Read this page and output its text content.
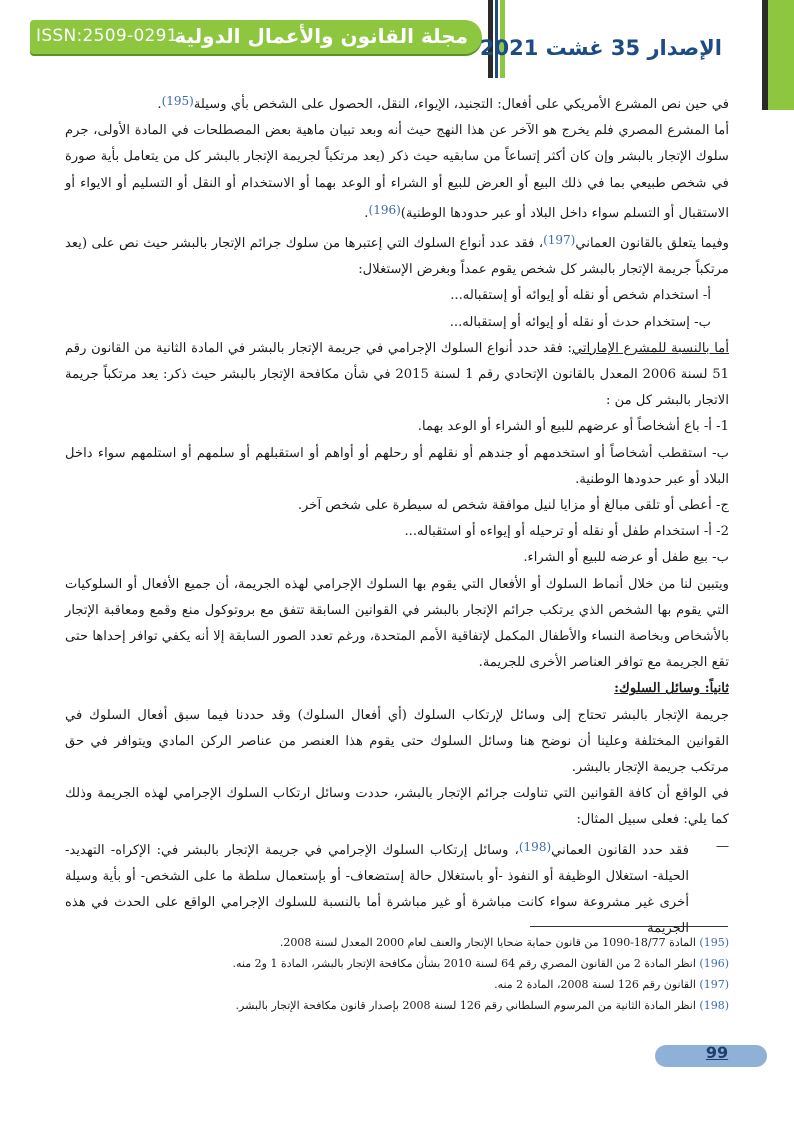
ISSN:2509-0291
مجلة القانون والأعمال الدولية الإصدار 35 غشت 2021

في حين نص المشرع الأمريكي على أفعال: التجنيد، الإيواء، النقل، الحصول على الشخص بأي وسيلة(195).

أما المشرع المصري فلم يخرج هو الآخر عن هذا النهج حيث أنه وبعد تبيان ماهية بعض المصطلحات في المادة الأولى، جرم سلوك الإتجار بالبشر وإن كان أكثر إتساعاً من سابقيه حيث ذكر (يعد مرتكباً لجريمة الإتجار بالبشر كل من يتعامل بأية صورة في شخص طبيعي بما في ذلك البيع أو العرض للبيع أو الشراء أو الوعد بهما أو الاستخدام أو النقل أو التسليم أو الايواء أو الاستقبال أو التسلم سواء داخل البلاد أو عبر حدودها الوطنية)(196).

وفيما يتعلق بالقانون العماني(197)، فقد عدد أنواع السلوك التي إعتبرها من سلوك جرائم الإتجار بالبشر حيث نص على (يعد مرتكباً جريمة الإتجار بالبشر كل شخص يقوم عمداً وبغرض الإستغلال:

أ- استخدام شخص أو نقله أو إيوائه أو إستقباله...

ب- إستخدام حدث أو نقله أو إيوائه أو إستقباله...

أما بالنسبة للمشرع الإماراتي: فقد حدد أنواع السلوك الإجرامي في جريمة الإتجار بالبشر في المادة الثانية من القانون رقم 51 لسنة 2006 المعدل بالقانون الإتحادي رقم 1 لسنة 2015 في شأن مكافحة الإتجار بالبشر حيث ذكر: يعد مرتكباً جريمة الاتجار بالبشر كل من :

1- أ- باع أشخاصاً أو عرضهم للبيع أو الشراء أو الوعد بهما.

ب- استقطب أشخاصاً أو استخدمهم أو جندهم أو نقلهم أو رحلهم أو أواهم أو استقبلهم أو سلمهم أو استلمهم سواء داخل البلاد أو عبر حدودها الوطنية.

ج- أعطى أو تلقى مبالغ أو مزايا لنيل موافقة شخص له سيطرة على شخص آخر.

2- أ- استخدام طفل أو نقله أو ترحيله أو إيواءه أو استقباله...

ب- بيع طفل أو عرضه للبيع أو الشراء.

ويتبين لنا من خلال أنماط السلوك أو الأفعال التي يقوم بها السلوك الإجرامي لهذه الجريمة، أن جميع الأفعال أو السلوكيات التي يقوم بها الشخص الذي يرتكب جرائم الإتجار بالبشر في القوانين السابقة تتفق مع بروتوكول منع وقمع ومعاقبة الإتجار بالأشخاص وبخاصة النساء والأطفال المكمل لإتفاقية الأمم المتحدة، ورغم تعدد الصور السابقة إلا أنه يكفي توافر إحداها حتى تقع الجريمة مع توافر العناصر الأخرى للجريمة.

ثانياً: وسائل السلوك:

جريمة الإتجار بالبشر تحتاج إلى وسائل لإرتكاب السلوك (أي أفعال السلوك) وقد حددنا فيما سبق أفعال السلوك في القوانين المختلفة وعلينا أن نوضح هنا وسائل السلوك حتى يقوم هذا العنصر من عناصر الركن المادي ويتوافر في حق مرتكب جريمة الإتجار بالبشر.

في الواقع أن كافة القوانين التي تناولت جرائم الإتجار بالبشر، حددت وسائل ارتكاب السلوك الإجرامي لهذه الجريمة وذلك كما يلي: فعلى سبيل المثال:

—
فقد حدد القانون العماني(198)، وسائل إرتكاب السلوك الإجرامي في جريمة الإتجار بالبشر في: الإكراه- التهديد- الحيلة- استغلال الوظيفة أو النفوذ -أو باستغلال حالة إستضعاف- أو بإستعمال سلطة ما على الشخص- أو بأية وسيلة أخرى غير مشروعة سواء كانت مباشرة أو غير مباشرة أما بالنسبة للسلوك الإجرامي الواقع على الحدث في هذه الجريمة

(195) المادة 18/77-1090 من قانون حماية ضحايا الإتجار والعنف لعام 2000 المعدل لسنة 2008.

(196) انظر المادة 2 من القانون المصري رقم 64 لسنة 2010 بشأن مكافحة الإتجار بالبشر، المادة 1 و2 منه.

(197) القانون رقم 126 لسنة 2008، المادة 2 منه.

(198) انظر المادة الثانية من المرسوم السلطاني رقم 126 لسنة 2008 بإصدار قانون مكافحة الإتجار بالبشر.

99
